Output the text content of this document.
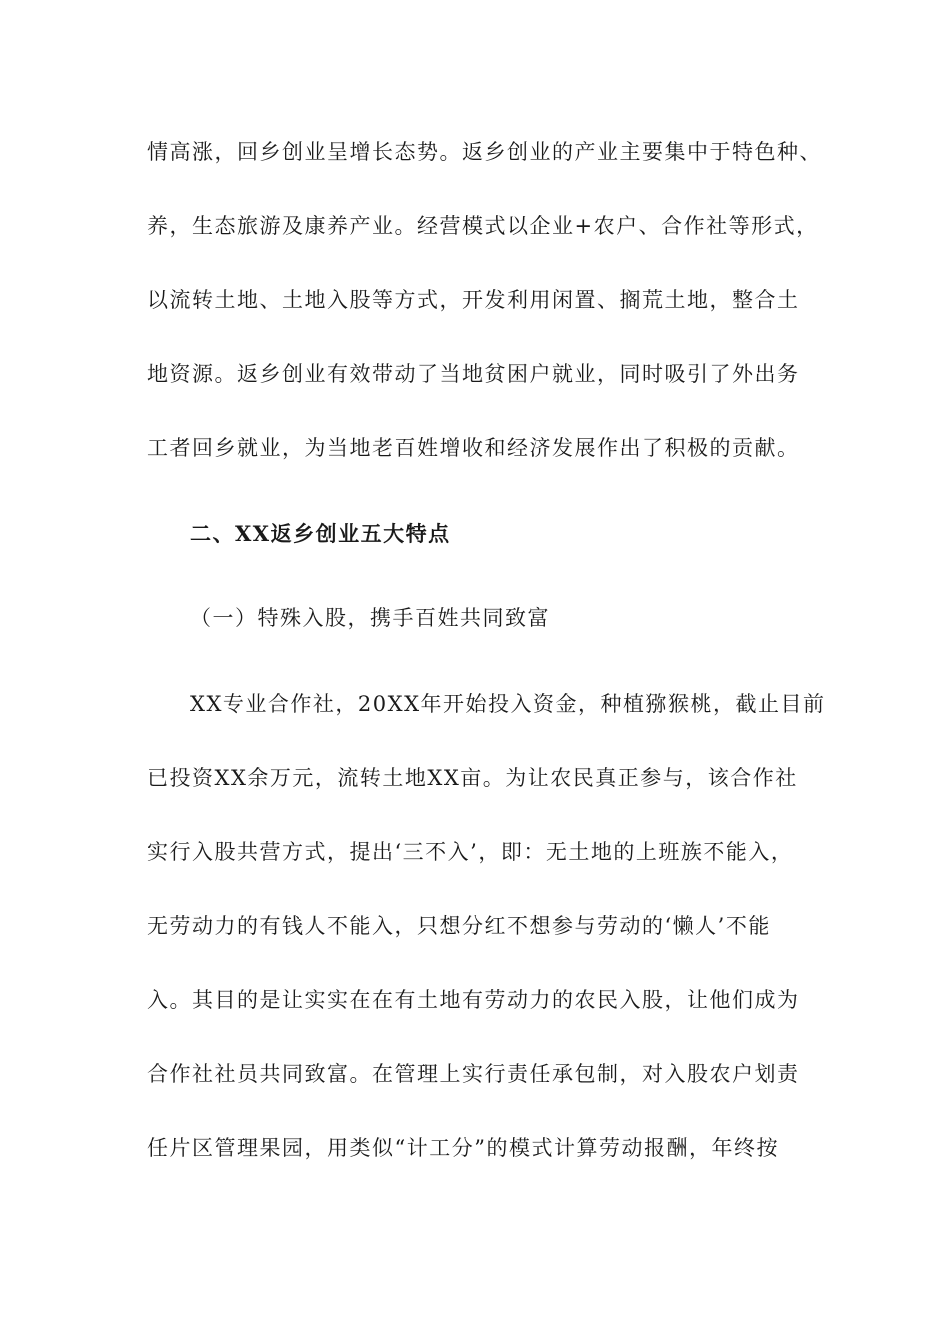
情高涨，回乡创业呈增长态势。返乡创业的产业主要集中于特色种、
养，生态旅游及康养产业。经营模式以企业+农户、合作社等形式，
以流转土地、土地入股等方式，开发利用闲置、搁荒土地，整合土
地资源。返乡创业有效带动了当地贫困户就业，同时吸引了外出务
工者回乡就业，为当地老百姓增收和经济发展作出了积极的贡献。
二、XX返乡创业五大特点
（一）特殊入股，携手百姓共同致富
XX专业合作社，20XX年开始投入资金，种植猕猴桃，截止目前
已投资XX余万元，流转土地XX亩。为让农民真正参与，该合作社
实行入股共营方式，提出‘三不入’，即：无土地的上班族不能入，
无劳动力的有钱人不能入，只想分红不想参与劳动的‘懒人’不能
入。其目的是让实实在在有土地有劳动力的农民入股，让他们成为
合作社社员共同致富。在管理上实行责任承包制，对入股农户划责
任片区管理果园，用类似“计工分”的模式计算劳动报酬，年终按
